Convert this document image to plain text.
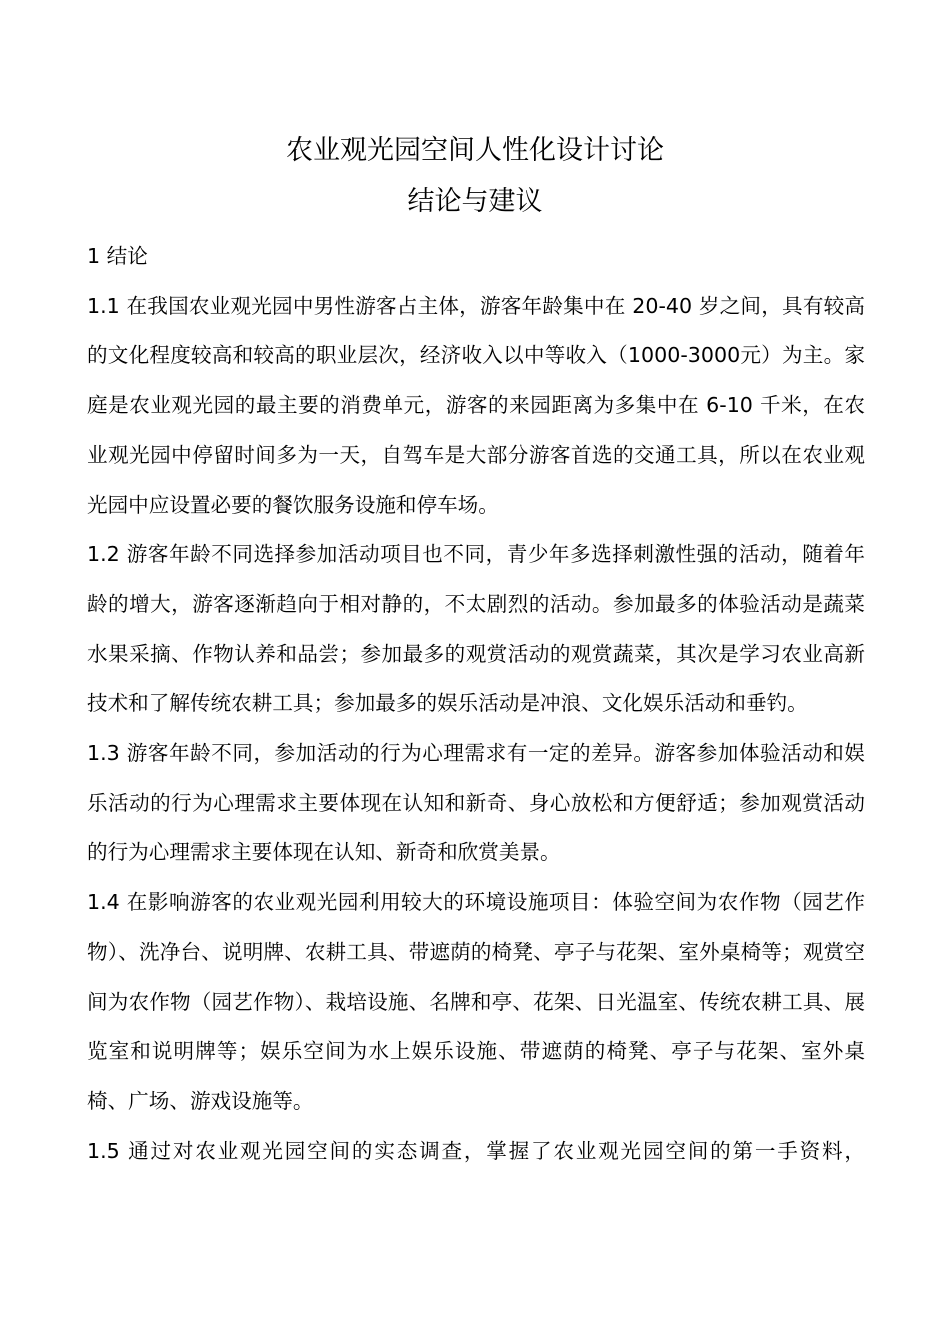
农业观光园空间人性化设计讨论
结论与建议

1 结论

1.1 在我国农业观光园中男性游客占主体，游客年龄集中在 20-40 岁之间，具有较高的文化程度较高和较高的职业层次，经济收入以中等收入（1000-3000元）为主。家庭是农业观光园的最主要的消费单元，游客的来园距离为多集中在 6-10 千米，在农业观光园中停留时间多为一天，自驾车是大部分游客首选的交通工具，所以在农业观光园中应设置必要的餐饮服务设施和停车场。

1.2 游客年龄不同选择参加活动项目也不同，青少年多选择刺激性强的活动，随着年龄的增大，游客逐渐趋向于相对静的，不太剧烈的活动。参加最多的体验活动是蔬菜水果采摘、作物认养和品尝；参加最多的观赏活动的观赏蔬菜，其次是学习农业高新技术和了解传统农耕工具；参加最多的娱乐活动是冲浪、文化娱乐活动和垂钓。

1.3 游客年龄不同，参加活动的行为心理需求有一定的差异。游客参加体验活动和娱乐活动的行为心理需求主要体现在认知和新奇、身心放松和方便舒适；参加观赏活动的行为心理需求主要体现在认知、新奇和欣赏美景。

1.4 在影响游客的农业观光园利用较大的环境设施项目：体验空间为农作物（园艺作物）、洗净台、说明牌、农耕工具、带遮荫的椅凳、亭子与花架、室外桌椅等；观赏空间为农作物（园艺作物）、栽培设施、名牌和亭、花架、日光温室、传统农耕工具、展览室和说明牌等；娱乐空间为水上娱乐设施、带遮荫的椅凳、亭子与花架、室外桌椅、广场、游戏设施等。

1.5 通过对农业观光园空间的实态调查，掌握了农业观光园空间的第一手资料，
